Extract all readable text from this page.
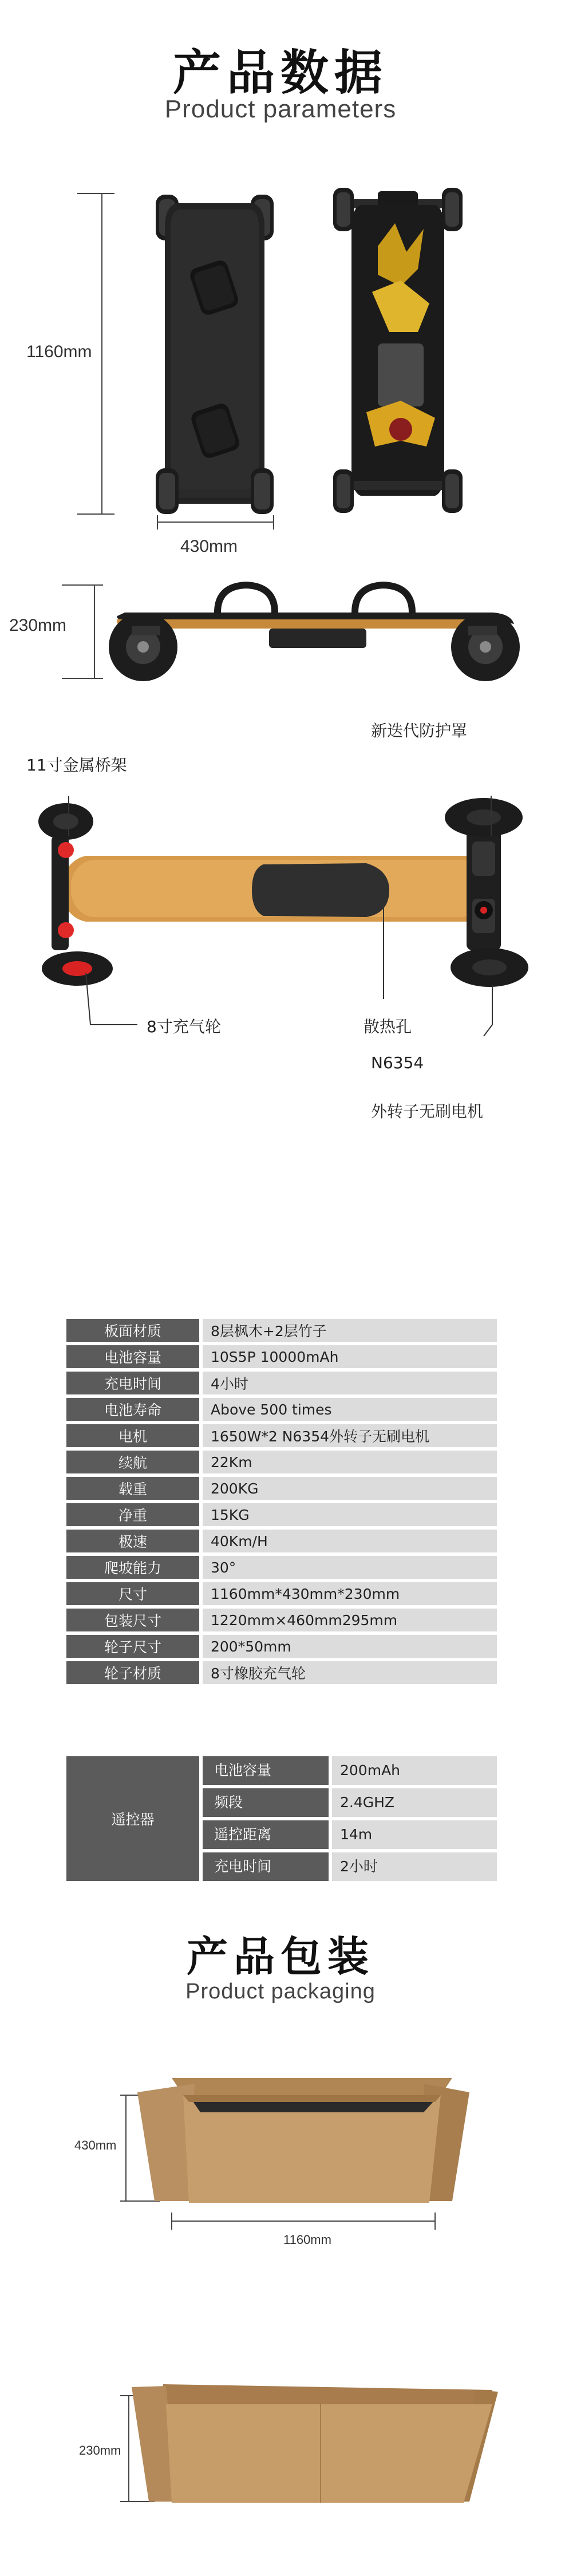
产品数据
Product parameters
1160mm
430mm
230mm
新迭代防护罩
11寸金属桥架
8寸充气轮	散热孔
N6354
外转子无刷电机
板面材质		8层枫木+2层竹子
电池容量		10S5P 10000mAh
充电时间		4小时
电池寿命		Above 500 times
电机		1650W*2 N6354外转子无刷电机
续航		22Km
载重		200KG
净重		15KG
极速		40Km/H
爬坡能力		30°
尺寸		1160mm*430mm*230mm
包装尺寸		1220mm×460mm295mm
轮子尺寸		200*50mm
轮子材质		8寸橡胶充气轮
遥控器
电池容量	200mAh
频段	2.4GHZ
遥控距离	14m
充电时间	2小时
产品包装
Product packaging
430mm
1160mm
230mm
